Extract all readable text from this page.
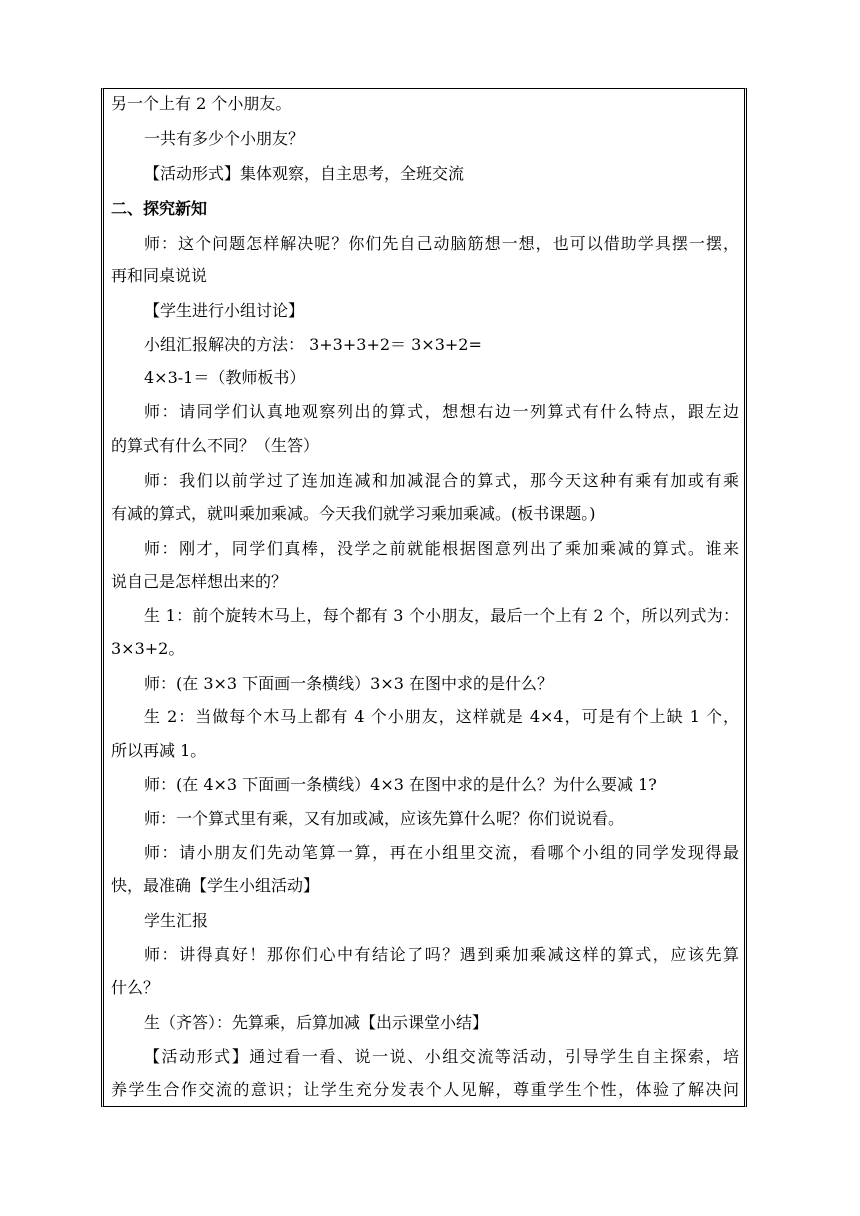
另一个上有 2 个小朋友。
一共有多少个小朋友？
【活动形式】集体观察，自主思考，全班交流
二、探究新知
师：这个问题怎样解决呢？你们先自己动脑筋想一想，也可以借助学具摆一摆，
再和同桌说说
【学生进行小组讨论】
小组汇报解决的方法： 3+3+3+2＝ 3×3+2=
4×3-1＝（教师板书）
师：请同学们认真地观察列出的算式，想想右边一列算式有什么特点，跟左边
的算式有什么不同？（生答）
师：我们以前学过了连加连减和加减混合的算式，那今天这种有乘有加或有乘
有减的算式，就叫乘加乘减。今天我们就学习乘加乘减。(板书课题。)
师：刚才，同学们真棒，没学之前就能根据图意列出了乘加乘减的算式。谁来
说自己是怎样想出来的？
生 1：前个旋转木马上，每个都有 3 个小朋友，最后一个上有 2 个，所以列式为：
3×3+2。
师：(在 3×3 下面画一条横线）3×3 在图中求的是什么？
生 2：当做每个木马上都有 4 个小朋友，这样就是 4×4，可是有个上缺 1 个，
所以再减 1。
师：(在 4×3 下面画一条横线）4×3 在图中求的是什么？为什么要减 1?
师：一个算式里有乘，又有加或减，应该先算什么呢？你们说说看。
师：请小朋友们先动笔算一算，再在小组里交流，看哪个小组的同学发现得最
快，最准确【学生小组活动】
学生汇报
师：讲得真好！那你们心中有结论了吗？遇到乘加乘减这样的算式，应该先算
什么？
生（齐答）：先算乘，后算加减【出示课堂小结】
【活动形式】通过看一看、说一说、小组交流等活动，引导学生自主探索，培
养学生合作交流的意识；让学生充分发表个人见解，尊重学生个性，体验了解决问
